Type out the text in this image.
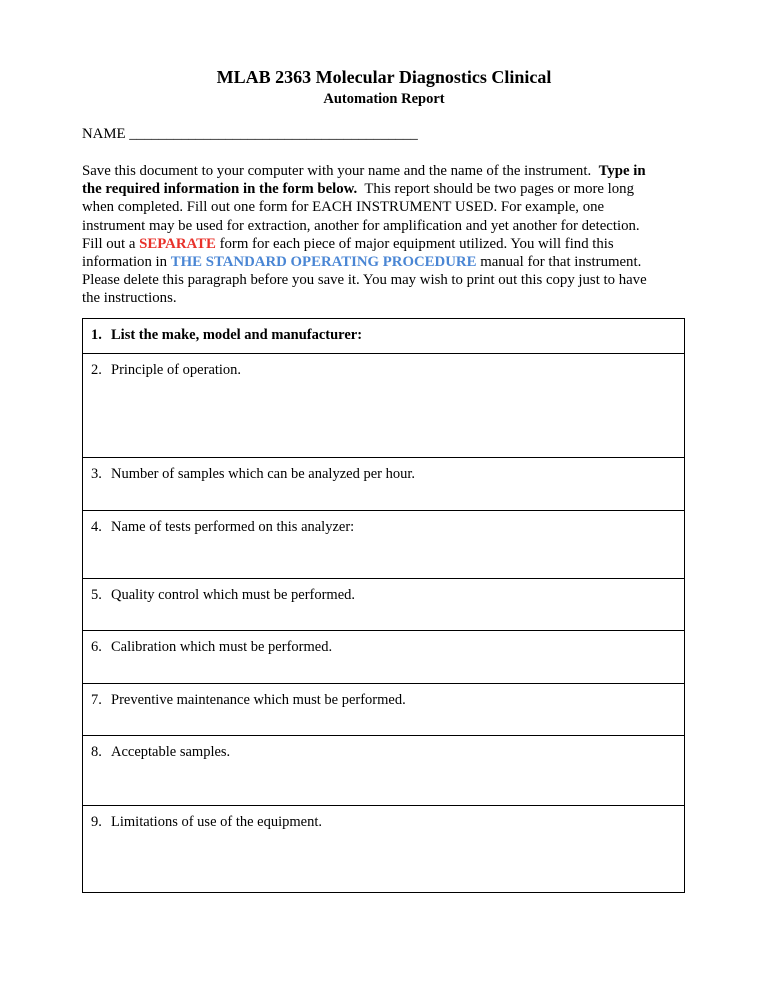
MLAB 2363 Molecular Diagnostics Clinical
Automation Report
NAME _______________________________________

Save this document to your computer with your name and the name of the instrument. Type in

the required information in the form below. This report should be two pages or more long

when completed. Fill out one form for EACH INSTRUMENT USED. For example, one

instrument may be used for extraction, another for amplification and yet another for detection.

Fill out a SEPARATE form for each piece of major equipment utilized. You will find this

information in THE STANDARD OPERATING PROCEDURE manual for that instrument.

Please delete this paragraph before you save it. You may wish to print out this copy just to have

the instructions.

1. List the make, model and manufacturer:
2. Principle of operation.
3. Number of samples which can be analyzed per hour.
4. Name of tests performed on this analyzer:
5. Quality control which must be performed.
6. Calibration which must be performed.
7. Preventive maintenance which must be performed.
8. Acceptable samples.
9. Limitations of use of the equipment.
